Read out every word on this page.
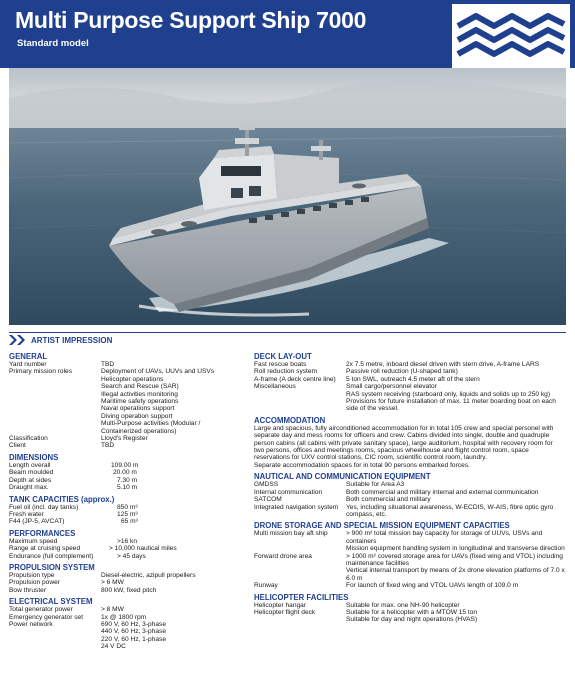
Multi Purpose Support Ship 7000
Standard model
ARTIST IMPRESSION
GENERAL
Yard number	TBD
Primary mission roles	Deployment of UAVs, UUVs and USVs
Helicopter operations
Search and Rescue (SAR)
Illegal activities monitoring
Maritime safety operations
Naval operations support
Diving operation support
Multi-Purpose activities (Modular /
Containerized operations)
Classification	Lloyd's Register
Client	TBD
DIMENSIONS
Length overall	109.00 m
Beam moulded	20.00 m
Depth at sides	7.30 m
Draught max.	5.10 m
TANK CAPACITIES (approx.)
Fuel oil (incl. day tanks)	850 m³
Fresh water	125 m³
F44 (JP-5, AVCAT)	65 m³
PERFORMANCES
Maximum speed	>16 kn
Range at cruising speed	> 10,000 nautical miles
Endurance (full complement)	> 45 days
PROPULSION SYSTEM
Propulsion type	Diesel-electric, azipull propellers
Propulsion power	> 6 MW
Bow thruster	800 kW, fixed pitch
ELECTRICAL SYSTEM
Total generator power	> 8 MW
Emergency generator set	1x @ 1800 rpm
Power network	690 V, 60 Hz, 3-phase
440 V, 60 Hz, 3-phase
220 V, 60 Hz, 1-phase
24 V DC
DECK LAY-OUT
Fast rescue boats	2x 7.5 metre, inboard diesel driven with stern drive, A-frame LARS
Roll reduction system	Passive roll reduction (U-shaped tank)
A-frame (A deck centre line)	5 ton SWL, outreach 4.5 meter aft of the stern
Miscellaneous	Small cargo/personnel elevator
RAS system receiving (starboard only, liquids and solids up to 250 kg)
Provisions for future installation of max. 11 meter boarding boat on each side of the vessel.
ACCOMMODATION
Large and spacious, fully airconditioned accommodation for in total 105 crew and special personel with separate day and mess rooms for officers and crew. Cabins divided into single, double and quadruple person cabins (all cabins with private sanitary space), large auditorium, hospital with recovery room for two persons, offices and meetings rooms, spacious wheelhouse and flight control room, space reservations for UXV control stations, CIC room, scientific control room, laundry.
Separate accommodation spaces for in total 90 persons embarked forces.
NAUTICAL AND COMMUNICATION EQUIPMENT
GMDSS	Suitable for Area A3
Internal communication	Both commercial and military internal and external communication
SATCOM	Both commercial and military
Integrated navigation system	Yes, including situational awareness, W-ECDIS, W-AIS, fibre optic gyro compass, etc.
DRONE STORAGE AND SPECIAL MISSION EQUIPMENT CAPACITIES
Multi mission bay aft ship	> 900 m² total mission bay capacity for storage of UUVs, USVs and containers
Mission equipment handling system in longitudinal and transverse direction
Forward drone area	> 1000 m² covered storage area for UAVs (fixed wing and VTOL) including maintenance facilities
Vertical internal transport by means of 2x drone elevation platforms of 7.0 x 6.0 m
Runway	For launch of fixed wing and VTOL UAVs length of 109.0 m
HELICOPTER FACILITIES
Helicopter hangar	Suitable for max. one NH-90 helicopter
Helicopter flight deck	Suitable for a helicopter with a MTOW 15 ton
Suitable for day and night operations (HVAS)
